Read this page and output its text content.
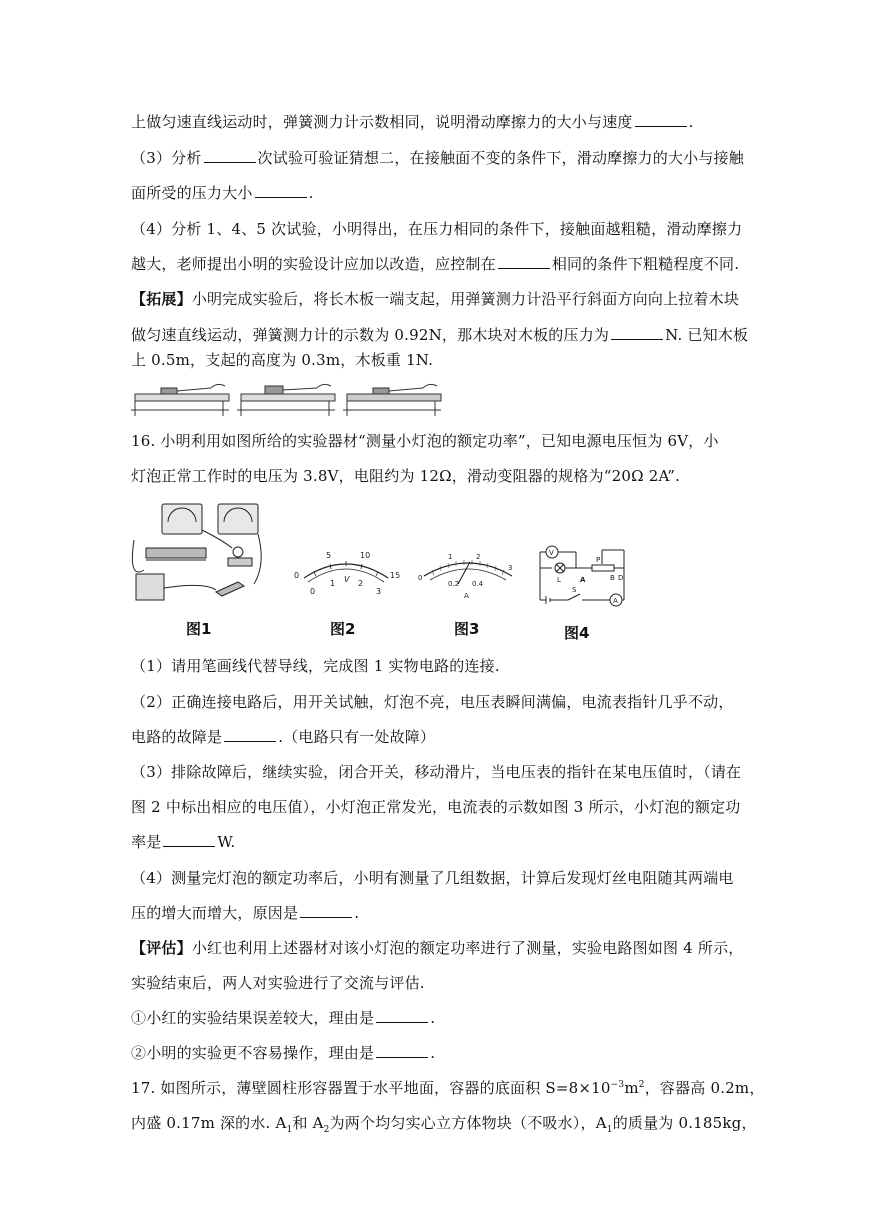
上做匀速直线运动时，弹簧测力计示数相同，说明滑动摩擦力的大小与速度	.
（3）分析	次试验可验证猜想二，在接触面不变的条件下，滑动摩擦力的大小与接触
面所受的压力大小	.
（4）分析 1、4、5 次试验，小明得出，在压力相同的条件下，接触面越粗糙，滑动摩擦力
越大，老师提出小明的实验设计应加以改造，应控制在	相同的条件下粗糙程度不同.
【拓展】小明完成实验后，将长木板一端支起，用弹簧测力计沿平行斜面方向向上拉着木块
做匀速直线运动，弹簧测力计的示数为 0.92N，那木块对木板的压力为	N. 已知木板
上 0.5m，支起的高度为 0.3m，木板重 1N.
16. 小明利用如图所给的实验器材“测量小灯泡的额定功率”，已知电源电压恒为 6V，小
灯泡正常工作时的电压为 3.8V，电阻约为 12Ω，滑动变阻器的规格为“20Ω 2A”.
图1
0
5	10
15
0
1	2
3
V
图2
0
1	2
3
0.2 0.4
A
图3
V
L	A
P
B D
S
A
图4
（1）请用笔画线代替导线，完成图 1 实物电路的连接.
（2）正确连接电路后，用开关试触，灯泡不亮，电压表瞬间满偏，电流表指针几乎不动，
电路的故障是	.（电路只有一处故障）
（3）排除故障后，继续实验，闭合开关，移动滑片，当电压表的指针在某电压值时，（请在
图 2 中标出相应的电压值），小灯泡正常发光，电流表的示数如图 3 所示，小灯泡的额定功
率是	W.
（4）测量完灯泡的额定功率后，小明有测量了几组数据，计算后发现灯丝电阻随其两端电
压的增大而增大，原因是	.
【评估】小红也利用上述器材对该小灯泡的额定功率进行了测量，实验电路图如图 4 所示，
实验结束后，两人对实验进行了交流与评估.
①小红的实验结果误差较大，理由是	.
②小明的实验更不容易操作，理由是	.
17. 如图所示，薄壁圆柱形容器置于水平地面，容器的底面积 $S=8\times 10^{-3}m^2$，容器高 0.2m，
内盛 0.17m 深的水. $A_1$和 $A_2$为两个均匀实心立方体物块（不吸水），$A_1$的质量为 0.185kg，
